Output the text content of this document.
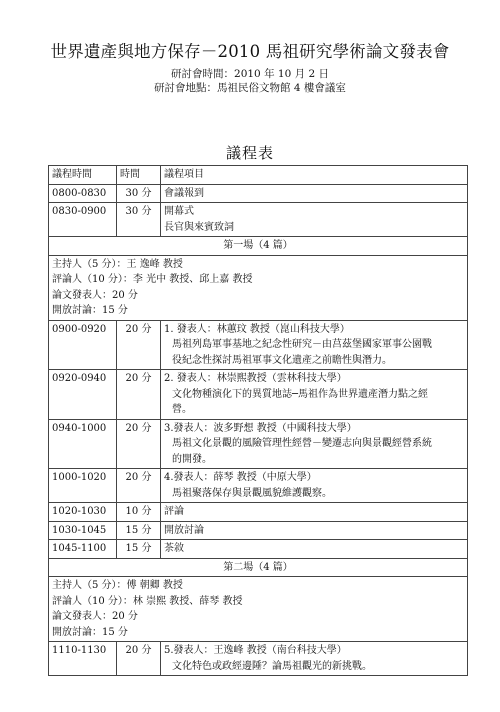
世界遺產與地方保存－2010 馬祖研究學術論文發表會
研討會時間：2010 年 10 月 2 日
研討會地點：馬祖民俗文物館 4 樓會議室
議程表
議程時間	時間	議程項目
0800-0830	30 分	會議報到

0830-0900	30 分	開幕式
長官與來賓致詞

第一場（4 篇）		

主持人（5 分）：王 逸峰 教授
評論人（10 分）：李 光中 教授、邱上嘉 教授
論文發表人：20 分
開放討論：15 分		

0900-0920	20 分	1. 發表人：林蕙玟 教授（崑山科技大學）
馬祖列島軍事基地之紀念性研究－由莒茲堡國家軍事公園戰
役紀念性探討馬祖軍事文化遺產之前瞻性與潛力。

0920-0940	20 分	2. 發表人：林崇熙教授（雲林科技大學）
文化物種演化下的異質地誌─馬祖作為世界遺產潛力點之經
營。

0940-1000	20 分	3.發表人：波多野想 教授（中國科技大學）
馬祖文化景觀的風險管理性經營－變遷志向與景觀經營系統
的開發。

1000-1020	20 分	4.發表人：薛琴 教授（中原大學）
馬祖聚落保存與景觀風貌維護觀察。

1020-1030	10 分	評論

1030-1045	15 分	開放討論

1045-1100	15 分	茶敘

第二場（4 篇）		

主持人（5 分）：傅 朝卿 教授
評論人（10 分）：林 崇熙 教授、薛琴 教授
論文發表人：20 分
開放討論：15 分		

1110-1130	20 分	5.發表人：王逸峰 教授（南台科技大學）
文化特色或政經邊陲？論馬祖觀光的新挑戰。
